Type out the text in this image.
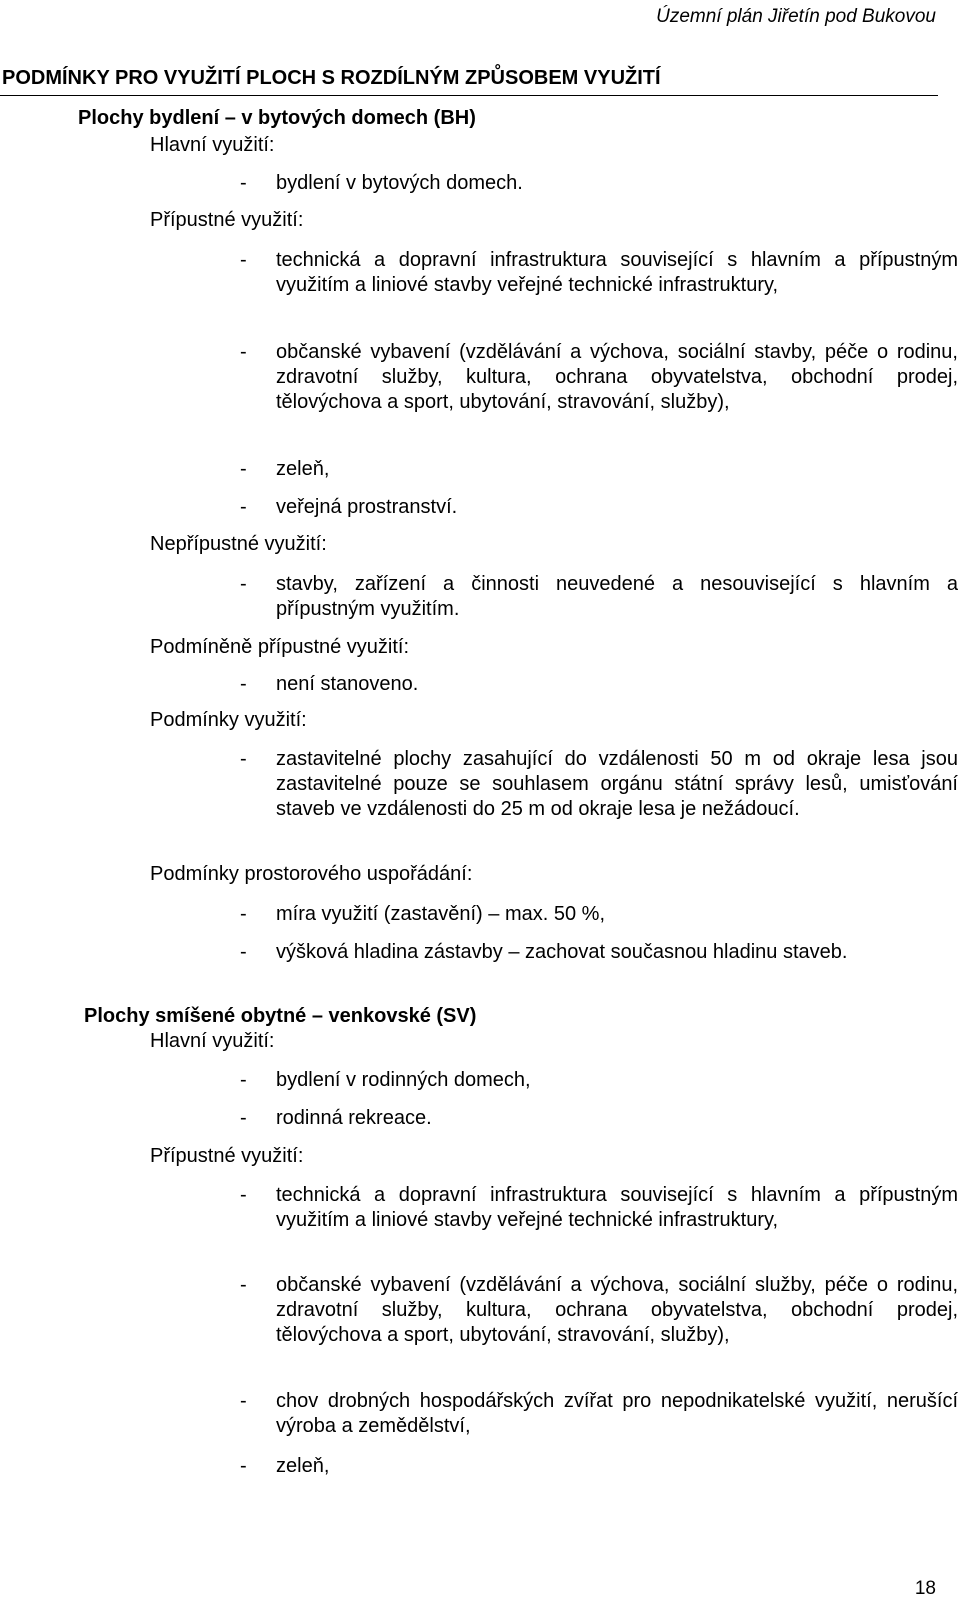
Územní plán Jiřetín pod Bukovou
PODMÍNKY PRO VYUŽITÍ PLOCH S ROZDÍLNÝM ZPŮSOBEM VYUŽITÍ
Plochy bydlení – v bytových domech (BH)
Hlavní využití:
- bydlení v bytových domech.
Přípustné využití:
- technická a dopravní infrastruktura související s hlavním a přípustným využitím a liniové stavby veřejné technické infrastruktury,
- občanské vybavení (vzdělávání a výchova, sociální stavby, péče o rodinu, zdravotní služby, kultura, ochrana obyvatelstva, obchodní prodej, tělovýchova a sport, ubytování, stravování, služby),
- zeleň,
- veřejná prostranství.
Nepřípustné využití:
- stavby, zařízení a činnosti neuvedené a nesouvisející s hlavním a přípustným využitím.
Podmíněně přípustné využití:
- není stanoveno.
Podmínky využití:
- zastavitelné plochy zasahující do vzdálenosti 50 m od okraje lesa jsou zastavitelné pouze se souhlasem orgánu státní správy lesů, umisťování staveb ve vzdálenosti do 25 m od okraje lesa je nežádoucí.
Podmínky prostorového uspořádání:
- míra využití (zastavění) – max. 50 %,
- výšková hladina zástavby – zachovat současnou hladinu staveb.
Plochy smíšené obytné – venkovské (SV)
Hlavní využití:
- bydlení v rodinných domech,
- rodinná rekreace.
Přípustné využití:
- technická a dopravní infrastruktura související s hlavním a přípustným využitím a liniové stavby veřejné technické infrastruktury,
- občanské vybavení (vzdělávání a výchova, sociální služby, péče o rodinu, zdravotní služby, kultura, ochrana obyvatelstva, obchodní prodej, tělovýchova a sport, ubytování, stravování, služby),
- chov drobných hospodářských zvířat pro nepodnikatelské využití, nerušící výroba a zemědělství,
- zeleň,
18
